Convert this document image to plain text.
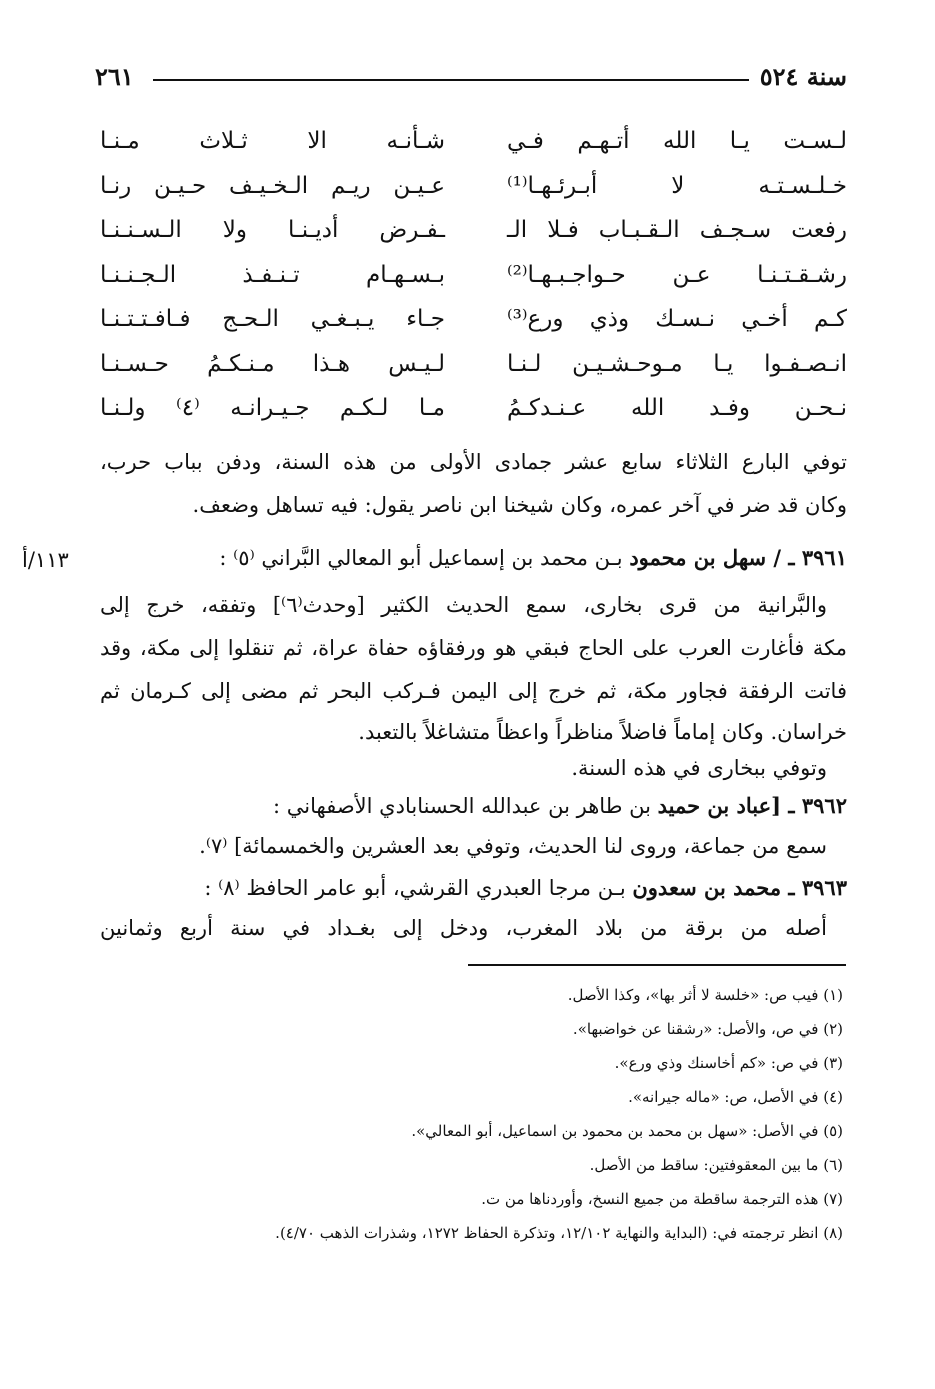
٢٦١	سنة ٥٢٤
لـسـت يـا الله أتـهـم فـي
شـأنـه الا ثـلاث مـنـا
خـلـسـتـه لا أبـرئـهـا⁽¹⁾
عـيـن ريـم الـخـيـف حـيـن رنـا
رفعت سـجـف الـقـبـاب فـلا الـ
ـفـرض أديـنـا ولا الـسـنـنـا
رشـقـتـنـا عـن حـواجـبـهـا⁽²⁾
بـسـهـام تـنـفـذ الـجـنـنـا
كـم أخـي نـسـك وذي ورع⁽³⁾
جـاء يـبـغـي الـحـج فـافـتـتـنـا
انـصـفـوا يـا مـوحـشـيـن لـنـا
لـيـس هـذا مـنـكـمُ حـسـنـا
نـحـن وفـد الله عـنـدكـمُ
مـا لـكـم جـيـرانـه ⁽٤⁾ ولـنـا
توفي البارع الثلاثاء سابع عشر جمادى الأولى من هذه السنة، ودفن بباب حرب،
وكان قد ضر في آخر عمره، وكان شيخنا ابن ناصر يقول: فيه تساهل وضعف.
٣٩٦١ ـ / سهل بن محمود بـن محمد بن إسماعيل أبو المعالي البَّراني ⁽٥⁾ :
والبَّرانية من قرى بخارى، سمع الحديث الكثير [وحدث⁽٦⁾] وتفقه، خرج إلى
مكة فأغارت العرب على الحاج فبقي هو ورفقاؤه حفاة عراة، ثم تنقلوا إلى مكة، وقد
فاتت الرفقة فجاور مكة، ثم خرج إلى اليمن فـركب البحر ثم مضى إلى كـرمان ثم
خراسان. وكان إماماً فاضلاً مناظراً واعظاً متشاغلاً بالتعبد.
وتوفي ببخارى في هذه السنة.
٣٩٦٢ ـ [عباد بن حميد بن طاهر بن عبدالله الحسنابادي الأصفهاني :
سمع من جماعة، وروى لنا الحديث، وتوفي بعد العشرين والخمسمائة] ⁽٧⁾.
٣٩٦٣ ـ محمد بن سعدون بـن مرجا العبدري القرشي، أبو عامر الحافظ ⁽٨⁾ :
أصله من برقة من بلاد المغرب، ودخل إلى بغـداد في سنة أربع وثمانين
١١٣/أ
(١) فيب ص: «خلسة لا أثر بها»، وكذا الأصل.
(٢) في ص، والأصل: «رشقنا عن خواضبها».
(٣) في ص: «كم أخاسنك وذي ورع».
(٤) في الأصل، ص: «ماله جيرانه».
(٥) في الأصل: «سهل بن محمد بن محمود بن اسماعيل، أبو المعالي».
(٦) ما بين المعقوفتين: ساقط من الأصل.
(٧) هذه الترجمة ساقطة من جميع النسخ، وأوردناها من ت.
(٨) انظر ترجمته في: (البداية والنهاية ١٢/١٠٢، وتذكرة الحفاظ ١٢٧٢، وشذرات الذهب ٤/٧٠).
